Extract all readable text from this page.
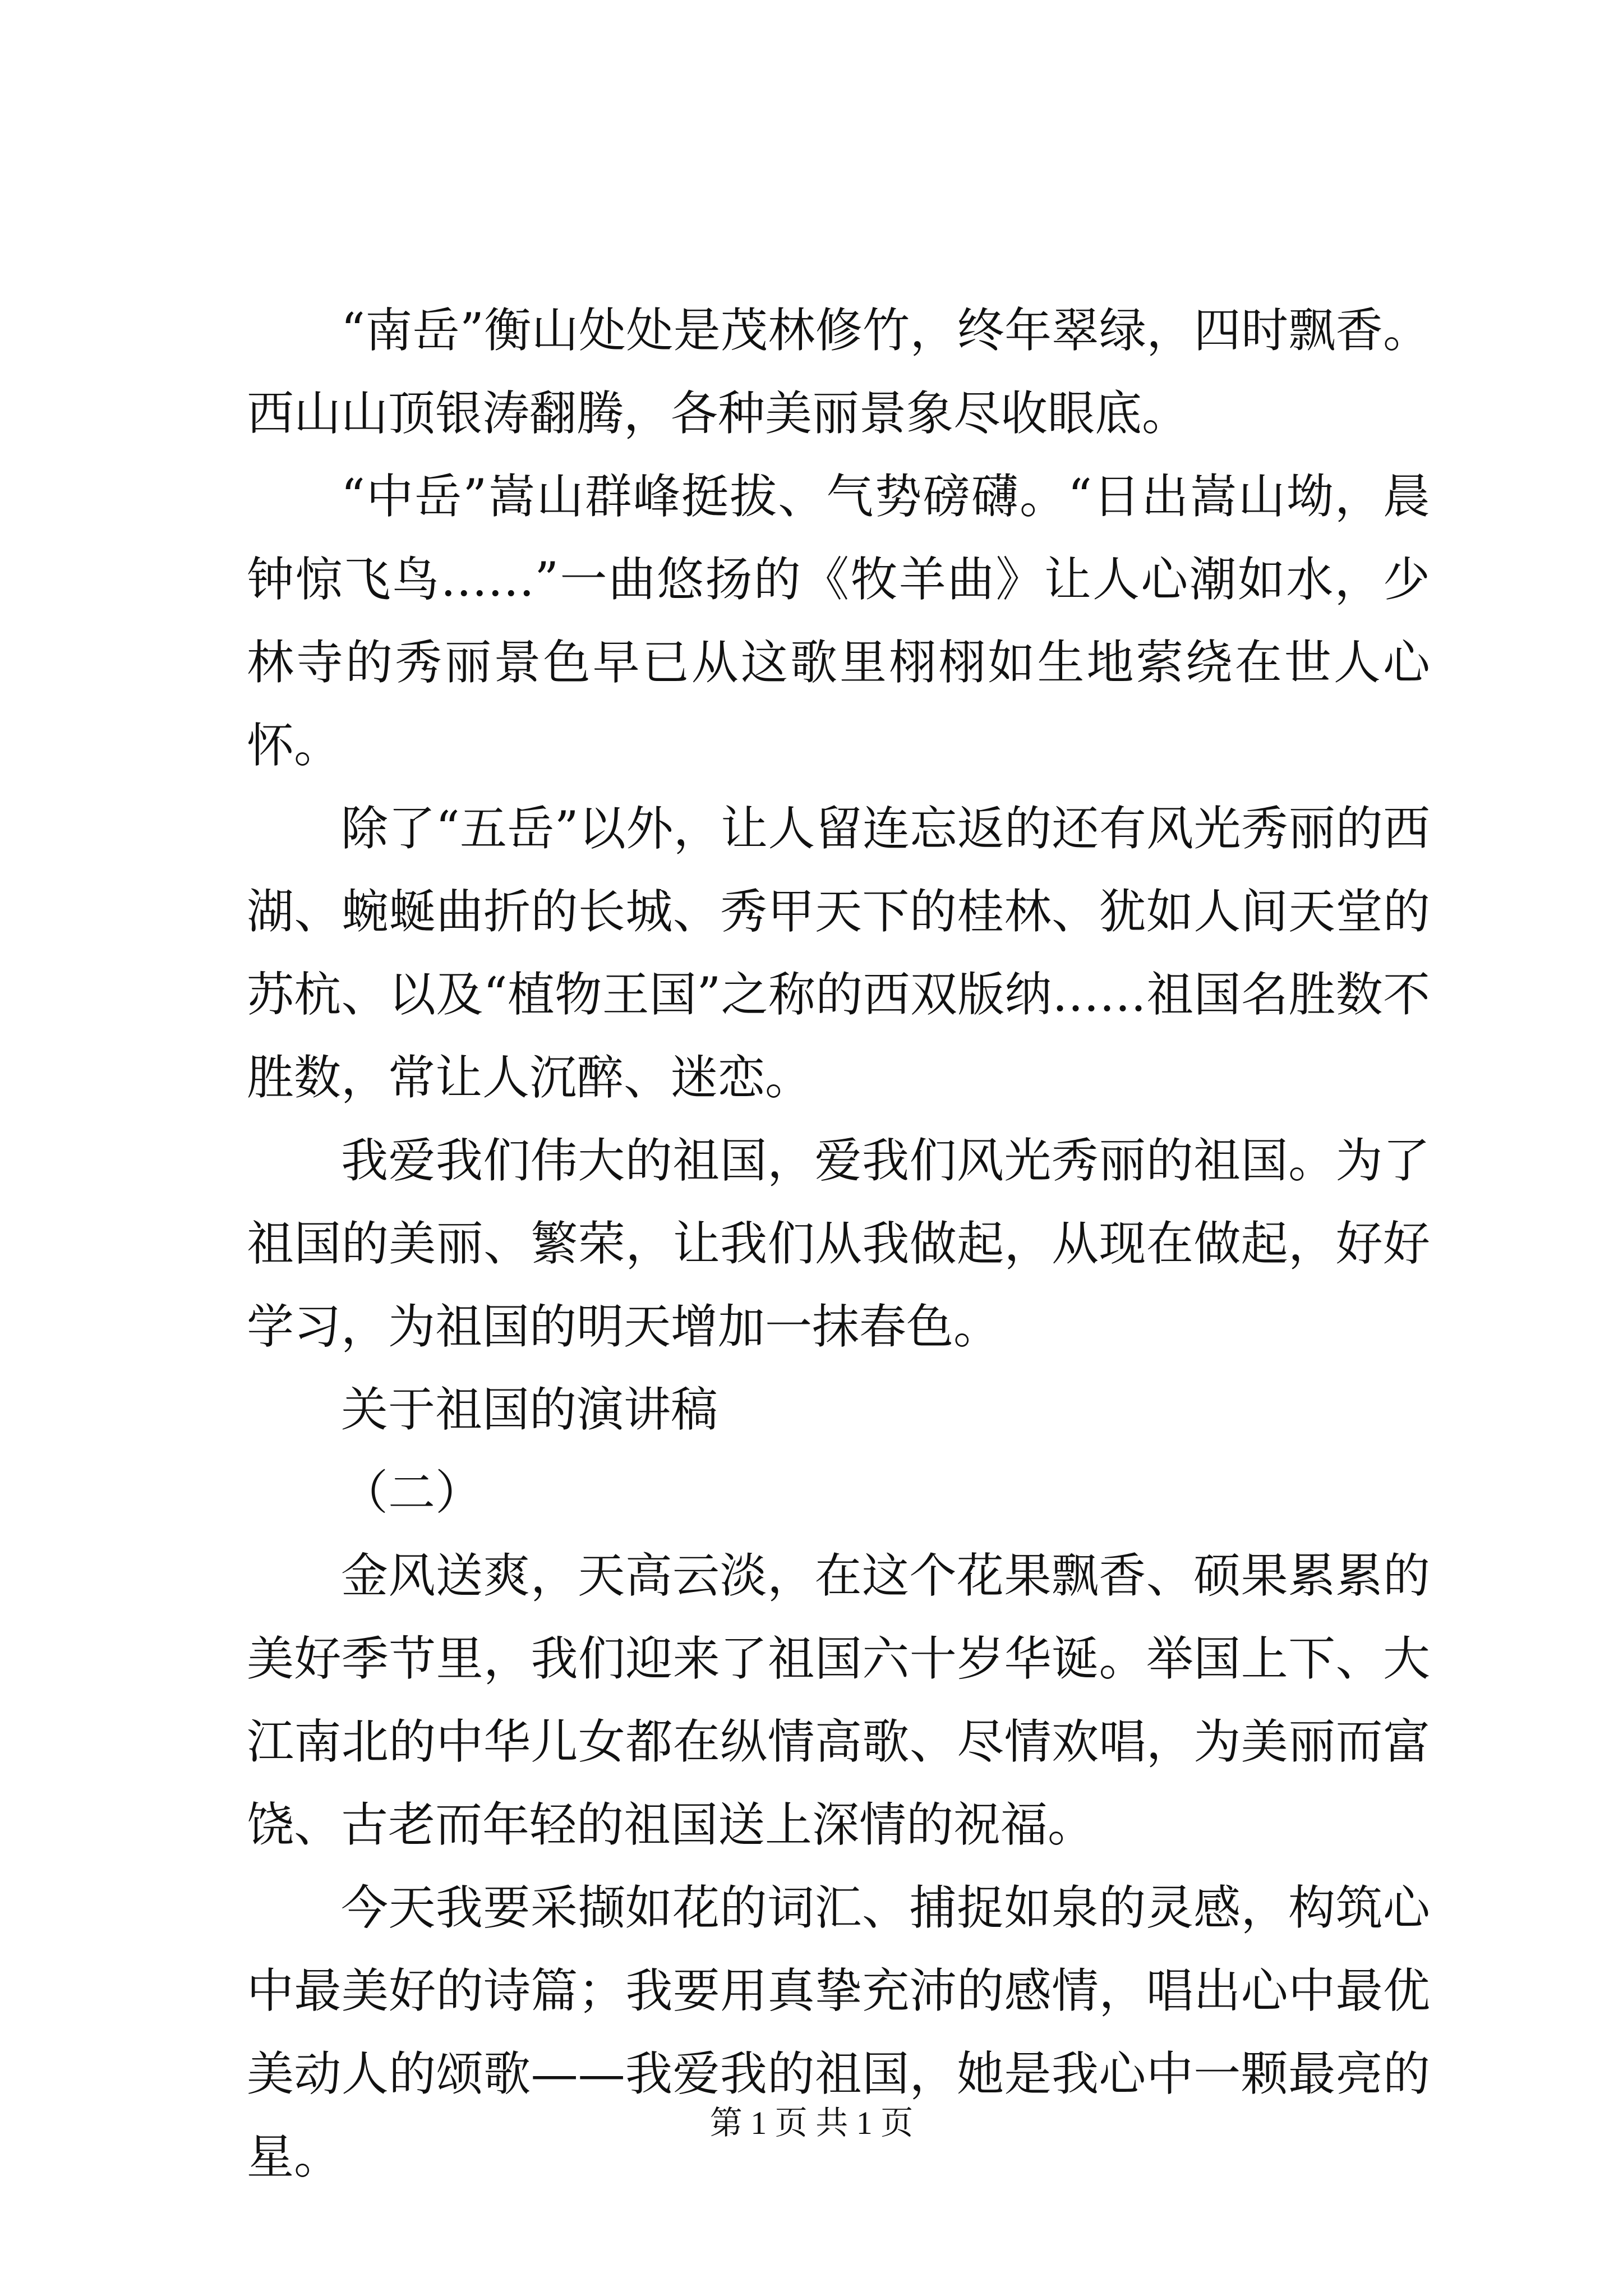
“南岳”衡山处处是茂林修竹，终年翠绿，四时飘香。西山山顶银涛翻腾，各种美丽景象尽收眼底。

“中岳”嵩山群峰挺拔、气势磅礴。“日出嵩山坳，晨钟惊飞鸟……”一曲悠扬的《牧羊曲》让人心潮如水，少林寺的秀丽景色早已从这歌里栩栩如生地萦绕在世人心怀。

除了“五岳”以外，让人留连忘返的还有风光秀丽的西湖、蜿蜒曲折的长城、秀甲天下的桂林、犹如人间天堂的苏杭、以及“植物王国”之称的西双版纳……祖国名胜数不胜数，常让人沉醉、迷恋。

我爱我们伟大的祖国，爱我们风光秀丽的祖国。为了祖国的美丽、繁荣，让我们从我做起，从现在做起，好好学习，为祖国的明天增加一抹春色。

关于祖国的演讲稿

（二）

金风送爽，天高云淡，在这个花果飘香、硕果累累的美好季节里，我们迎来了祖国六十岁华诞。举国上下、大江南北的中华儿女都在纵情高歌、尽情欢唱，为美丽而富饶、古老而年轻的祖国送上深情的祝福。

今天我要采撷如花的词汇、捕捉如泉的灵感，构筑心中最美好的诗篇；我要用真挚充沛的感情，唱出心中最优美动人的颂歌——我爱我的祖国，她是我心中一颗最亮的星。

第 1 页 共 1 页
